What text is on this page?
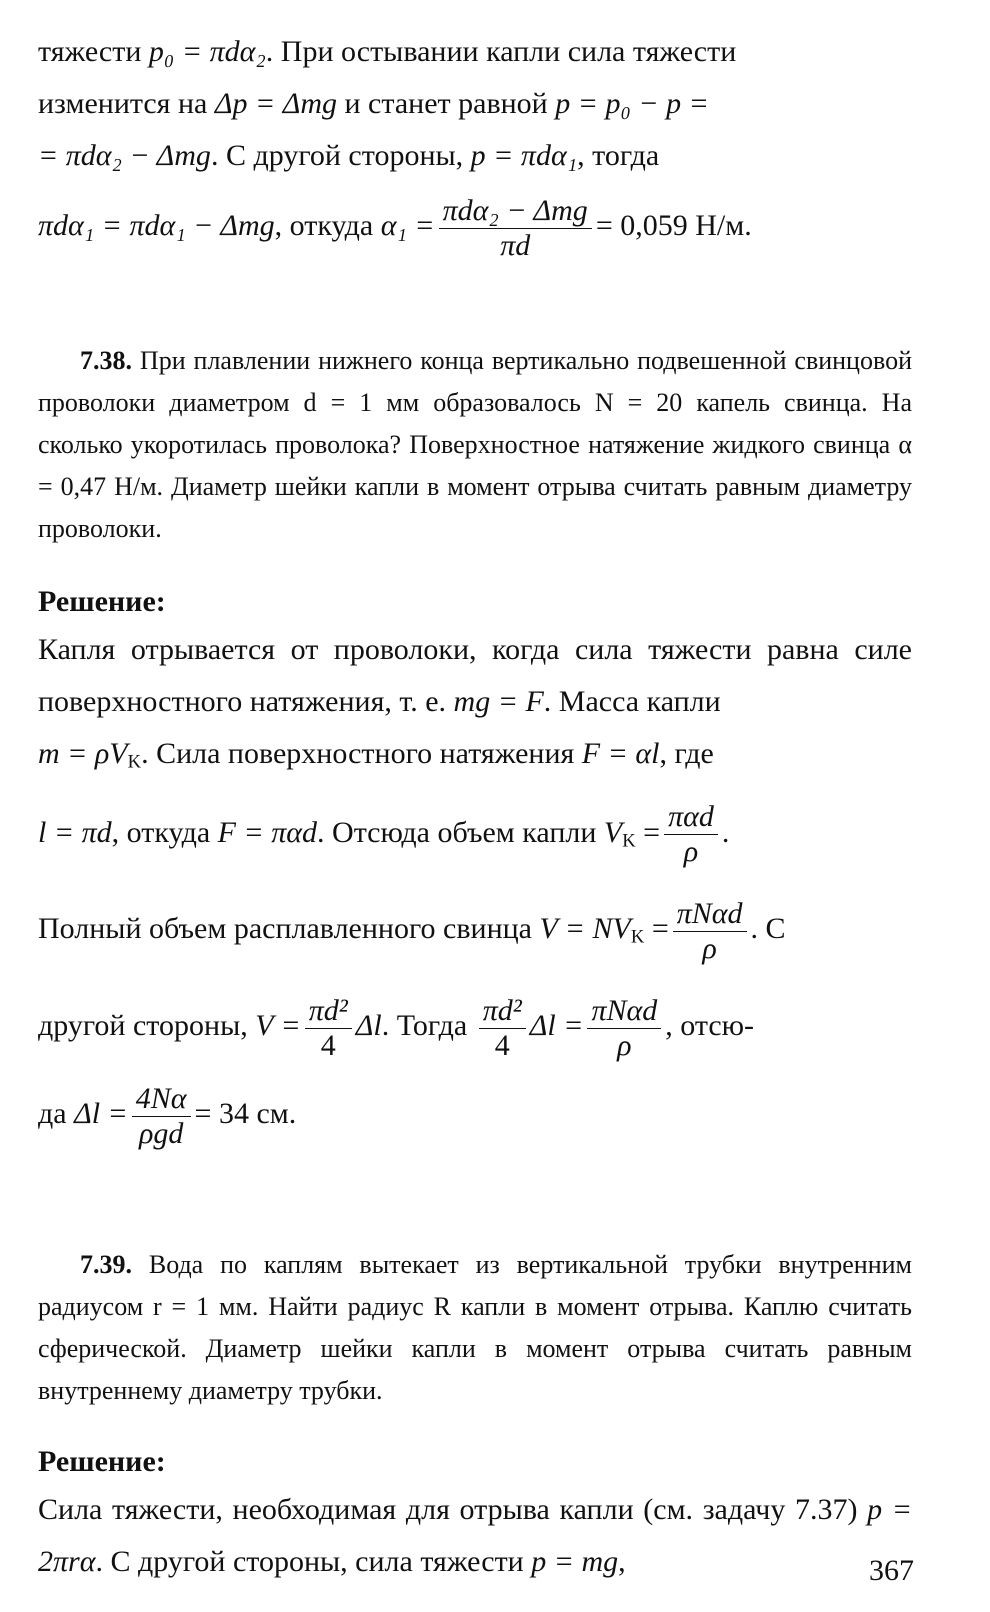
тяжести p₀ = πdα₂. При остывании капли сила тяжести
изменится на Δp = Δmg и станет равной p = p₀ − p =
= πdα₂ − Δmg. С другой стороны, p = πdα₁, тогда
πdα₁ = πdα₁ − Δmg, откуда $\alpha_1 = \frac{\text{πdα₂ − Δmg}}{\pi d} = 0,059$ Н/м.

7.38. При плавлении нижнего конца вертикально подвешенной свинцовой проволоки диаметром d = 1 мм образовалось N = 20 капель свинца. На сколько укоротилась проволока? Поверхностное натяжение жидкого свинца α = 0,47 Н/м. Диаметр шейки капли в момент отрыва считать равным диаметру проволоки.

Решение:

Капля отрывается от проволоки, когда сила тяжести равна силе поверхностного натяжения, т. е. mg = F. Масса капли
$m = \rho V_K$. Сила поверхностного натяжения F = αl, где
l = πd, откуда F = παd. Отсюда объем капли $V_K = \frac{\text{παd}}{\rho}$ .
Полный объем расплавленного свинца $V = NV_K = \frac{\text{πNαd}}{\rho}$ . С
другой стороны, $V = \frac{\text{πd²}}{4} \Delta l$. Тогда $\frac{\text{πd²}}{4}$ $\Delta l = \frac{\text{πNαd}}{\rho}$ , отсю-
да $\Delta l = \frac{4N\alpha}{\text{ρgd}} = 34$ см.

7.39. Вода по каплям вытекает из вертикальной трубки внутренним радиусом r = 1 мм. Найти радиус R капли в момент отрыва. Каплю считать сферической. Диаметр шейки капли в момент отрыва считать равным внутреннему диаметру трубки.

Решение:

Сила тяжести, необходимая для отрыва капли (см. задачу 7.37) p = 2πrα. С другой стороны, сила тяжести p = mg,	367
